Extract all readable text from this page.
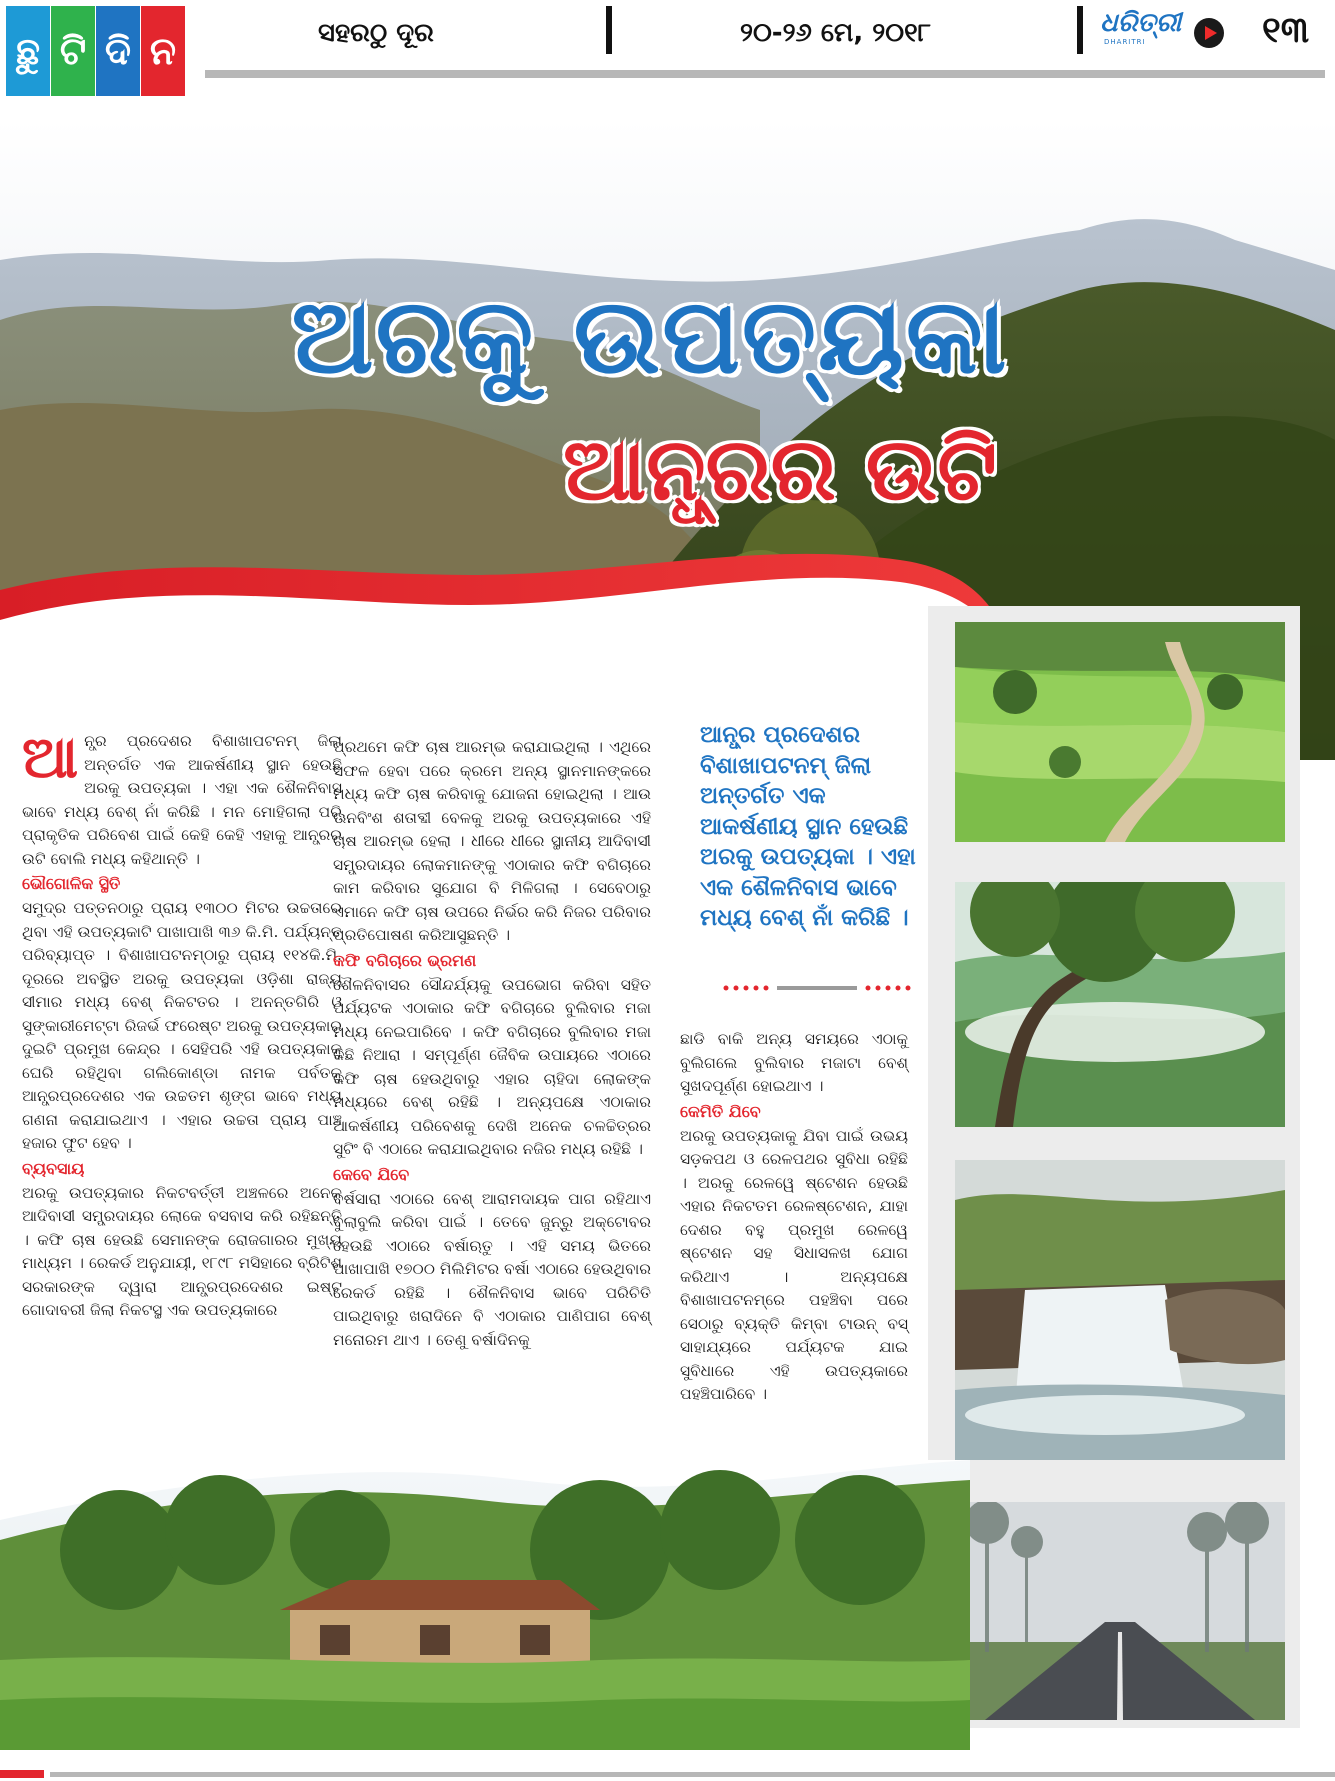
ଛୁ ଟି ଦି ନ	ସହରଠୁ ଦୂର	୨୦-୨୬ ମେ, ୨୦୧୮	ଧରିତ୍ରୀ
DHARITRI	୧୩
ଅରକୁ ଉପତ୍ୟକା
ଆନ୍ଧ୍ରର ଉଟି

ଆ ନ୍ଧ୍ର ପ୍ରଦେଶର ବିଶାଖାପଟନମ୍ ଜିଲା ଅନ୍ତର୍ଗତ ଏକ ଆକର୍ଷଣୀୟ ସ୍ଥାନ ହେଉଛି ଅରକୁ ଉପତ୍ୟକା । ଏହା ଏକ ଶୈଳନିବାସ ଭାବେ ମଧ୍ୟ ବେଶ୍ ନାଁ କରିଛି । ମନ ମୋହିଗଲା ପରି ପ୍ରାକୃତିକ ପରିବେଶ ପାଇଁ କେହି କେହି ଏହାକୁ ଆନ୍ଧ୍ରର ଉଟି ବୋଲି ମଧ୍ୟ କହିଥାନ୍ତି ।

ଭୌଗୋଳିକ ସ୍ଥିତି

ସମୁଦ୍ର ପତ୍ତନଠାରୁ ପ୍ରାୟ ୧୩୦୦ ମିଟର ଉଚ୍ଚତାରେ ଥିବା ଏହି ଉପତ୍ୟକାଟି ପାଖାପାଖି ୩୬ କି.ମି. ପର୍ଯ୍ୟନ୍ତ ପରିବ୍ୟାପ୍ତ । ବିଶାଖାପଟନମ୍‌ଠାରୁ ପ୍ରାୟ ୧୧୪କି.ମି. ଦୂରରେ ଅବସ୍ଥିତ ଅରକୁ ଉପତ୍ୟକା ଓଡ଼ିଶା ରାଜ୍ୟ ସୀମାର ମଧ୍ୟ ବେଶ୍ ନିକଟତର । ଅନନ୍ତଗିରି ଓ ସୁଙ୍କାରୀମେଟ୍ଟା ରିଜର୍ଭ ଫରେଷ୍ଟ ଅରକୁ ଉପତ୍ୟକାର ଦୁଇଟି ପ୍ରମୁଖ କେନ୍ଦ୍ର । ସେହିପରି ଏହି ଉପତ୍ୟକାକୁ ଘେରି ରହିଥିବା ଗଲିକୋଣ୍ଡା ନାମକ ପର୍ବତକୁ ଆନ୍ଧ୍ରପ୍ରଦେଶର ଏକ ଉଚ୍ଚତମ ଶୃଙ୍ଗ ଭାବେ ମଧ୍ୟ ଗଣନା କରାଯାଇଥାଏ । ଏହାର ଉଚ୍ଚତା ପ୍ରାୟ ପାଞ୍ଚ ହଜାର ଫୁଟ ହେବ ।

ବ୍ୟବସାୟ

ଅରକୁ ଉପତ୍ୟକାର ନିକଟବର୍ତ୍ତୀ ଅଞ୍ଚଳରେ ଅନେକ ଆଦିବାସୀ ସମ୍ପ୍ରଦାୟର ଲୋକେ ବସବାସ କରି ରହିଛନ୍ତି । କଫି ଚାଷ ହେଉଛି ସେମାନଙ୍କ ରୋଜଗାରର ମୁଖ୍ୟ ମାଧ୍ୟମ । ରେକର୍ଡ ଅନୁଯାୟୀ, ୧୮୯୮ ମସିହାରେ ବ୍ରିଟିଶ ସରକାରଙ୍କ ଦ୍ୱାରା ଆନ୍ଧ୍ରପ୍ରଦେଶର ଇଷ୍ଟ ଗୋଦାବରୀ ଜିଲା ନିକଟସ୍ଥ ଏକ ଉପତ୍ୟକାରେ

ପ୍ରଥମେ କଫି ଚାଷ ଆରମ୍ଭ କରାଯାଇଥିଲା । ଏଥିରେ ସଫଳ ହେବା ପରେ କ୍ରମେ ଅନ୍ୟ ସ୍ଥାନମାନଙ୍କରେ ମଧ୍ୟ କଫି ଚାଷ କରିବାକୁ ଯୋଜନା ହୋଇଥିଲା । ଆଉ ଊନବିଂଶ ଶତାବ୍ଦୀ ବେଳକୁ ଅରକୁ ଉପତ୍ୟକାରେ ଏହି ଚାଷ ଆରମ୍ଭ ହେଲା । ଧୀରେ ଧୀରେ ସ୍ଥାନୀୟ ଆଦିବାସୀ ସମ୍ପ୍ରଦାୟର ଲୋକମାନଙ୍କୁ ଏଠାକାର କଫି ବଗିଚାରେ କାମ କରିବାର ସୁଯୋଗ ବି ମିଳିଗଲା । ସେବେଠାରୁ ଏମାନେ କଫି ଚାଷ ଉପରେ ନିର୍ଭର କରି ନିଜର ପରିବାର ପ୍ରତିପୋଷଣ କରିଆସୁଛନ୍ତି ।

କଫି ବଗିଚାରେ ଭ୍ରମଣ

ଶୈଳନିବାସର ସୌନ୍ଦର୍ଯ୍ୟକୁ ଉପଭୋଗ କରିବା ସହିତ ପର୍ଯ୍ୟଟକ ଏଠାକାର କଫି ବଗିଚାରେ ବୁଲିବାର ମଜା ମଧ୍ୟ ନେଇପାରିବେ । କଫି ବଗିଚାରେ ବୁଲିବାର ମଜା କିଛି ନିଆରା । ସମ୍ପୂର୍ଣ୍ଣ ଜୈବିକ ଉପାୟରେ ଏଠାରେ କଫି ଚାଷ ହେଉଥିବାରୁ ଏହାର ଚାହିଦା ଲୋକଙ୍କ ମଧ୍ୟରେ ବେଶ୍ ରହିଛି । ଅନ୍ୟପକ୍ଷେ ଏଠାକାର ଆକର୍ଷଣୀୟ ପରିବେଶକୁ ଦେଖି ଅନେକ ଚଳଚ୍ଚିତ୍ରର ସୁଟିଂ ବି ଏଠାରେ କରାଯାଇଥିବାର ନଜିର ମଧ୍ୟ ରହିଛି ।

କେବେ ଯିବେ

ବର୍ଷସାରା ଏଠାରେ ବେଶ୍ ଆରାମଦାୟକ ପାଗ ରହିଥାଏ ବୁଲାବୁଲି କରିବା ପାଇଁ । ତେବେ ଜୁନ୍‌ରୁ ଅକ୍ଟୋବର ହେଉଛି ଏଠାରେ ବର୍ଷାଋତୁ । ଏହି ସମୟ ଭିତରେ ପାଖାପାଖି ୧୭୦୦ ମିଲିମିଟର ବର୍ଷା ଏଠାରେ ହେଉଥିବାର ରେକର୍ଡ ରହିଛି । ଶୈଳନିବାସ ଭାବେ ପରିଚିତି ପାଇଥିବାରୁ ଖରାଦିନେ ବି ଏଠାକାର ପାଣିପାଗ ବେଶ୍ ମନୋରମ ଥାଏ । ତେଣୁ ବର୍ଷାଦିନକୁ

ଆନ୍ଧ୍ର ପ୍ରଦେଶର ବିଶାଖାପଟନମ୍ ଜିଲା ଅନ୍ତର୍ଗତ ଏକ ଆକର୍ଷଣୀୟ ସ୍ଥାନ ହେଉଛି ଅରକୁ ଉପତ୍ୟକା । ଏହା ଏକ ଶୈଳନିବାସ ଭାବେ ମଧ୍ୟ ବେଶ୍ ନାଁ କରିଛି ।

ଛାଡି ବାକି ଅନ୍ୟ ସମୟରେ ଏଠାକୁ ବୁଲିଗଲେ ବୁଲିବାର ମଜାଟା ବେଶ୍ ସୁଖଦପୂର୍ଣ୍ଣ ହୋଇଥାଏ ।

କେମିତି ଯିବେ

ଅରକୁ ଉପତ୍ୟକାକୁ ଯିବା ପାଇଁ ଉଭୟ ସଡ଼କପଥ ଓ ରେଳପଥର ସୁବିଧା ରହିଛି । ଅରକୁ ରେଳୱେ ଷ୍ଟେଶନ ହେଉଛି ଏହାର ନିକଟତମ ରେଳଷ୍ଟେଶନ, ଯାହା ଦେଶର ବହୁ ପ୍ରମୁଖ ରେଳୱେ ଷ୍ଟେଶନ ସହ ସିଧାସଳଖ ଯୋଗ କରିଥାଏ । ଅନ୍ୟପକ୍ଷେ ବିଶାଖାପଟନମ୍‌ରେ ପହଞ୍ଚିବା ପରେ ସେଠାରୁ ବ୍ୟକ୍ତି କିମ୍ବା ଟାଉନ୍ ବସ୍ ସାହାଯ୍ୟରେ ପର୍ଯ୍ୟଟକ ଯାଇ ସୁବିଧାରେ ଏହି ଉପତ୍ୟକାରେ ପହଞ୍ଚିପାରିବେ ।
